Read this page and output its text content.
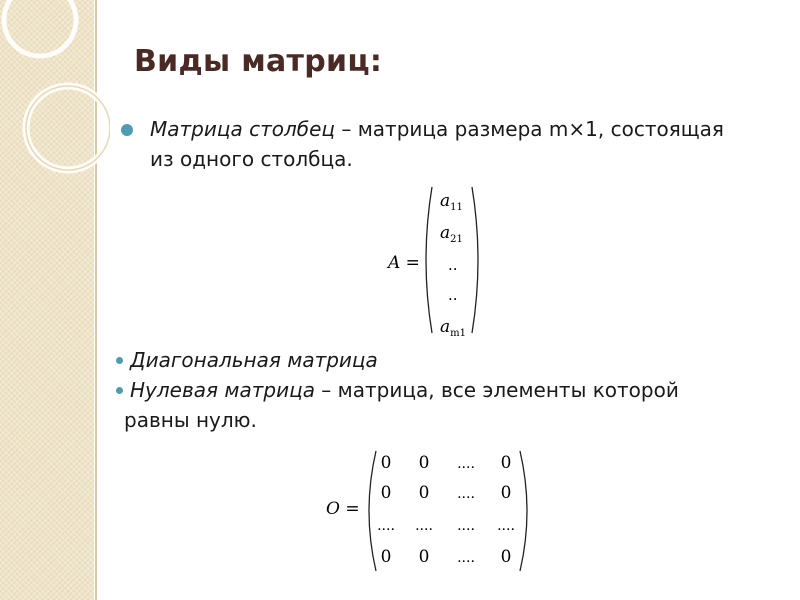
Виды матриц:
Матрица столбец – матрица размера m×1, состоящая
из одного столбца.
A =
$a_{11}$
$a_{21}$
..
..
$a_{m1}$
Диагональная матрица
Нулевая матрица – матрица, все элементы которой
равны нулю.
O =
0 0 .... 0
0 0 .... 0
.... .... .... ....
0 0 .... 0
